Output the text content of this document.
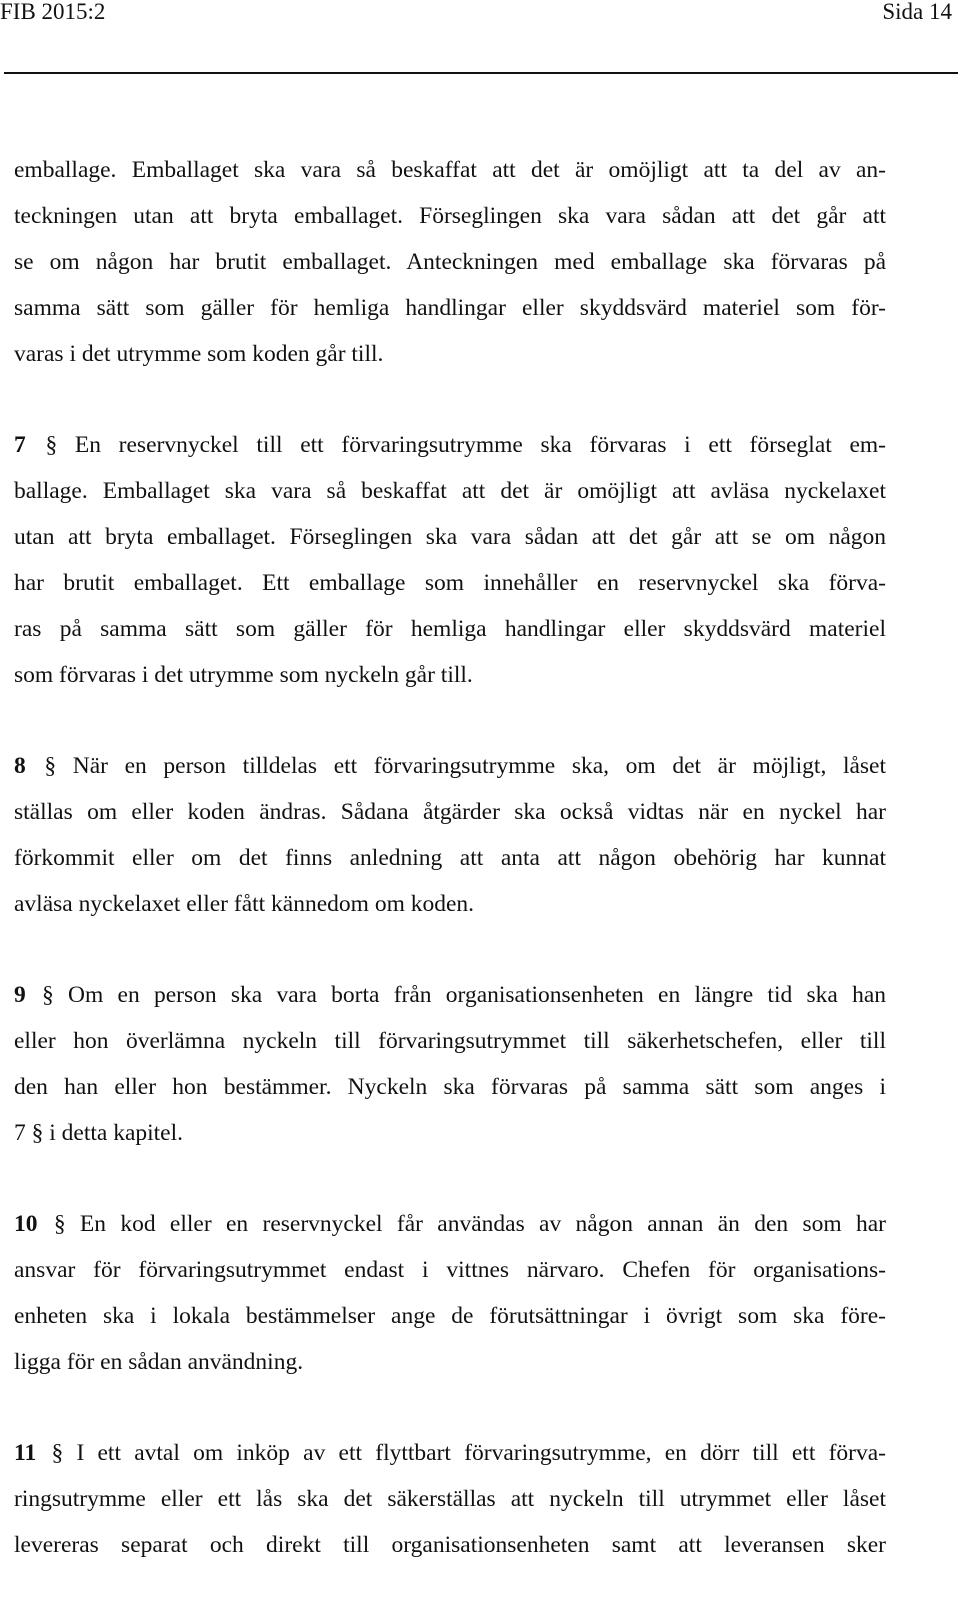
FIB 2015:2	Sida 14

emballage. Emballaget ska vara så beskaffat att det är omöjligt att ta del av an-
teckningen utan att bryta emballaget. Förseglingen ska vara sådan att det går att
se om någon har brutit emballaget. Anteckningen med emballage ska förvaras på
samma sätt som gäller för hemliga handlingar eller skyddsvärd materiel som för-
varas i det utrymme som koden går till.

7 § En reservnyckel till ett förvaringsutrymme ska förvaras i ett förseglat em-
ballage. Emballaget ska vara så beskaffat att det är omöjligt att avläsa nyckelaxet
utan att bryta emballaget. Förseglingen ska vara sådan att det går att se om någon
har brutit emballaget. Ett emballage som innehåller en reservnyckel ska förva-
ras på samma sätt som gäller för hemliga handlingar eller skyddsvärd materiel
som förvaras i det utrymme som nyckeln går till.

8 § När en person tilldelas ett förvaringsutrymme ska, om det är möjligt, låset
ställas om eller koden ändras. Sådana åtgärder ska också vidtas när en nyckel har
förkommit eller om det finns anledning att anta att någon obehörig har kunnat
avläsa nyckelaxet eller fått kännedom om koden.

9 § Om en person ska vara borta från organisationsenheten en längre tid ska han
eller hon överlämna nyckeln till förvaringsutrymmet till säkerhetschefen, eller till
den han eller hon bestämmer. Nyckeln ska förvaras på samma sätt som anges i
7 § i detta kapitel.

10 § En kod eller en reservnyckel får användas av någon annan än den som har
ansvar för förvaringsutrymmet endast i vittnes närvaro. Chefen för organisations-
enheten ska i lokala bestämmelser ange de förutsättningar i övrigt som ska före-
ligga för en sådan användning.

11 § I ett avtal om inköp av ett flyttbart förvaringsutrymme, en dörr till ett förva-
ringsutrymme eller ett lås ska det säkerställas att nyckeln till utrymmet eller låset
levereras separat och direkt till organisationsenheten samt att leveransen sker
